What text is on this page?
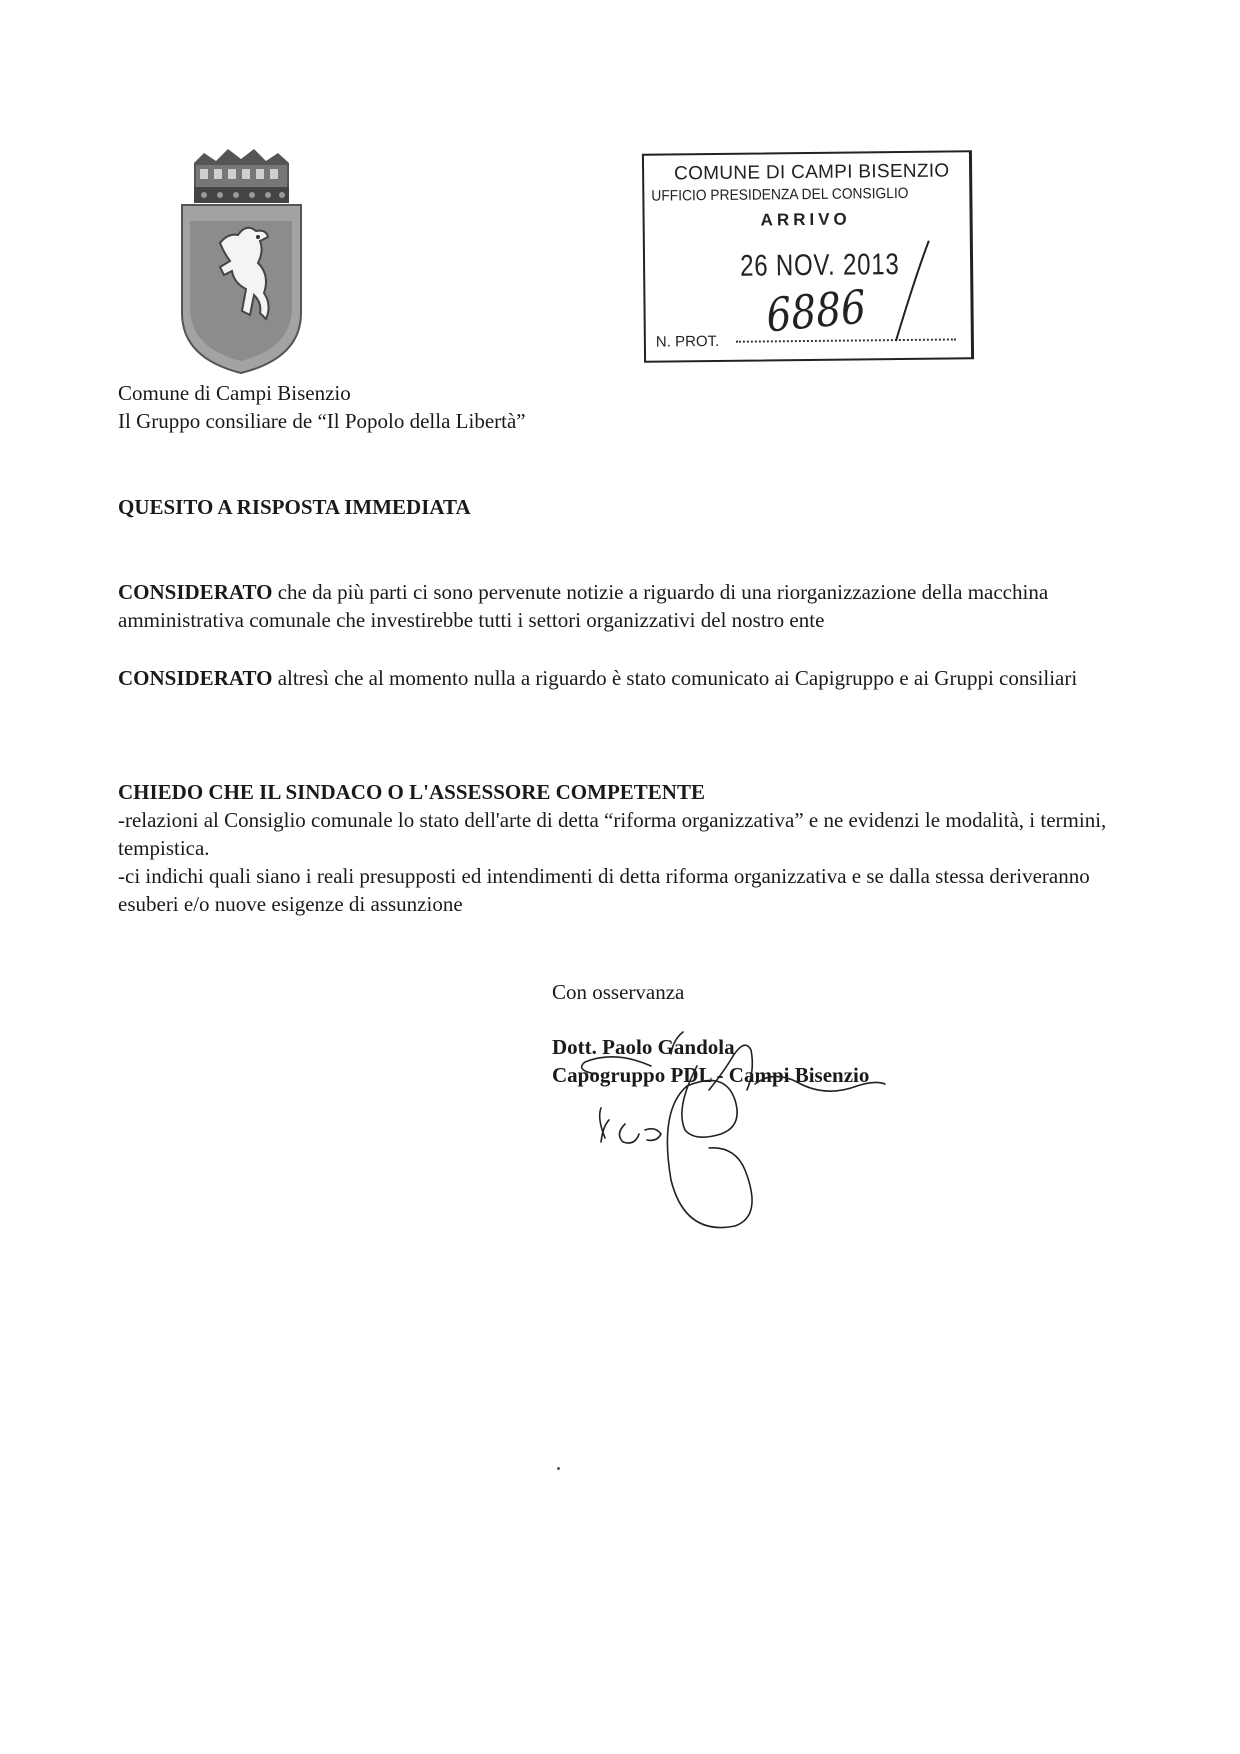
COMUNE DI CAMPI BISENZIO
UFFICIO PRESIDENZA DEL CONSIGLIO
ARRIVO
26 NOV. 2013
N. PROT. 6886
Comune di Campi Bisenzio
Il Gruppo consiliare de “Il Popolo della Libertà”
QUESITO A RISPOSTA IMMEDIATA
CONSIDERATO che da più parti ci sono pervenute notizie a riguardo di una riorganizzazione della macchina amministrativa comunale che investirebbe tutti i settori organizzativi del nostro ente
CONSIDERATO altresì che al momento nulla a riguardo è stato comunicato ai Capigruppo e ai Gruppi consiliari
CHIEDO CHE IL SINDACO O L'ASSESSORE COMPETENTE
-relazioni al Consiglio comunale lo stato dell'arte di detta “riforma organizzativa” e ne evidenzi le modalità, i termini, tempistica.
-ci indichi quali siano i reali presupposti ed intendimenti di detta riforma organizzativa e se dalla stessa deriveranno esuberi e/o nuove esigenze di assunzione
Con osservanza
Dott. Paolo Gandola
Capogruppo PDL - Campi Bisenzio
